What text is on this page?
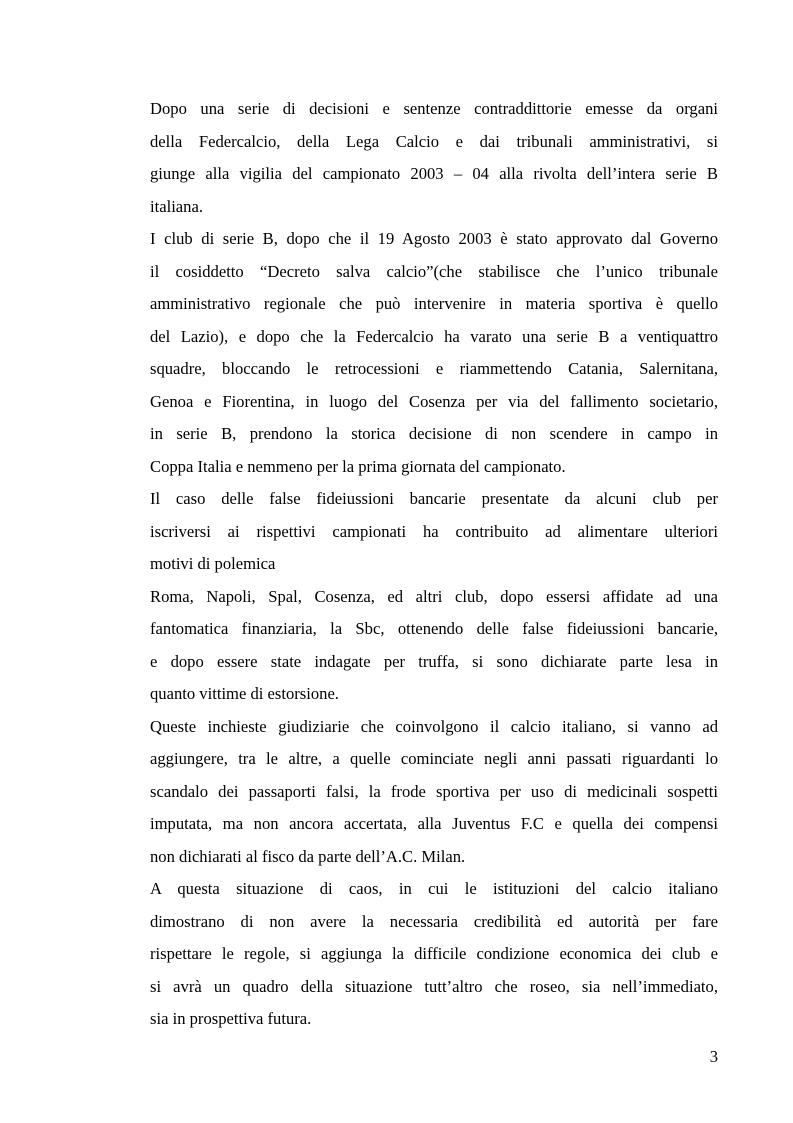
Dopo una serie di decisioni e sentenze contraddittorie emesse da organi
della Federcalcio, della Lega Calcio e dai tribunali amministrativi, si
giunge alla vigilia del campionato 2003 – 04 alla rivolta dell’intera serie B
italiana.

I club di serie B, dopo che il 19 Agosto 2003 è stato approvato dal Governo
il cosiddetto “Decreto salva calcio”(che stabilisce che l’unico tribunale
amministrativo regionale che può intervenire in materia sportiva è quello
del Lazio), e dopo che la Federcalcio ha varato una serie B a ventiquattro
squadre, bloccando le retrocessioni e riammettendo Catania, Salernitana,
Genoa e Fiorentina, in luogo del Cosenza per via del fallimento societario,
in serie B, prendono la storica decisione di non scendere in campo in
Coppa Italia e nemmeno per la prima giornata del campionato.

Il caso delle false fideiussioni bancarie presentate da alcuni club per
iscriversi ai rispettivi campionati ha contribuito ad alimentare ulteriori
motivi di polemica

Roma, Napoli, Spal, Cosenza, ed altri club, dopo essersi affidate ad una
fantomatica finanziaria, la Sbc, ottenendo delle false fideiussioni bancarie,
e dopo essere state indagate per truffa, si sono dichiarate parte lesa in
quanto vittime di estorsione.

Queste inchieste giudiziarie che coinvolgono il calcio italiano, si vanno ad
aggiungere, tra le altre, a quelle cominciate negli anni passati riguardanti lo
scandalo dei passaporti falsi, la frode sportiva per uso di medicinali sospetti
imputata, ma non ancora accertata, alla Juventus F.C e quella dei compensi
non dichiarati al fisco da parte dell’A.C. Milan.

A questa situazione di caos, in cui le istituzioni del calcio italiano
dimostrano di non avere la necessaria credibilità ed autorità per fare
rispettare le regole, si aggiunga la difficile condizione economica dei club e
si avrà un quadro della situazione tutt’altro che roseo, sia nell’immediato,
sia in prospettiva futura.

3
